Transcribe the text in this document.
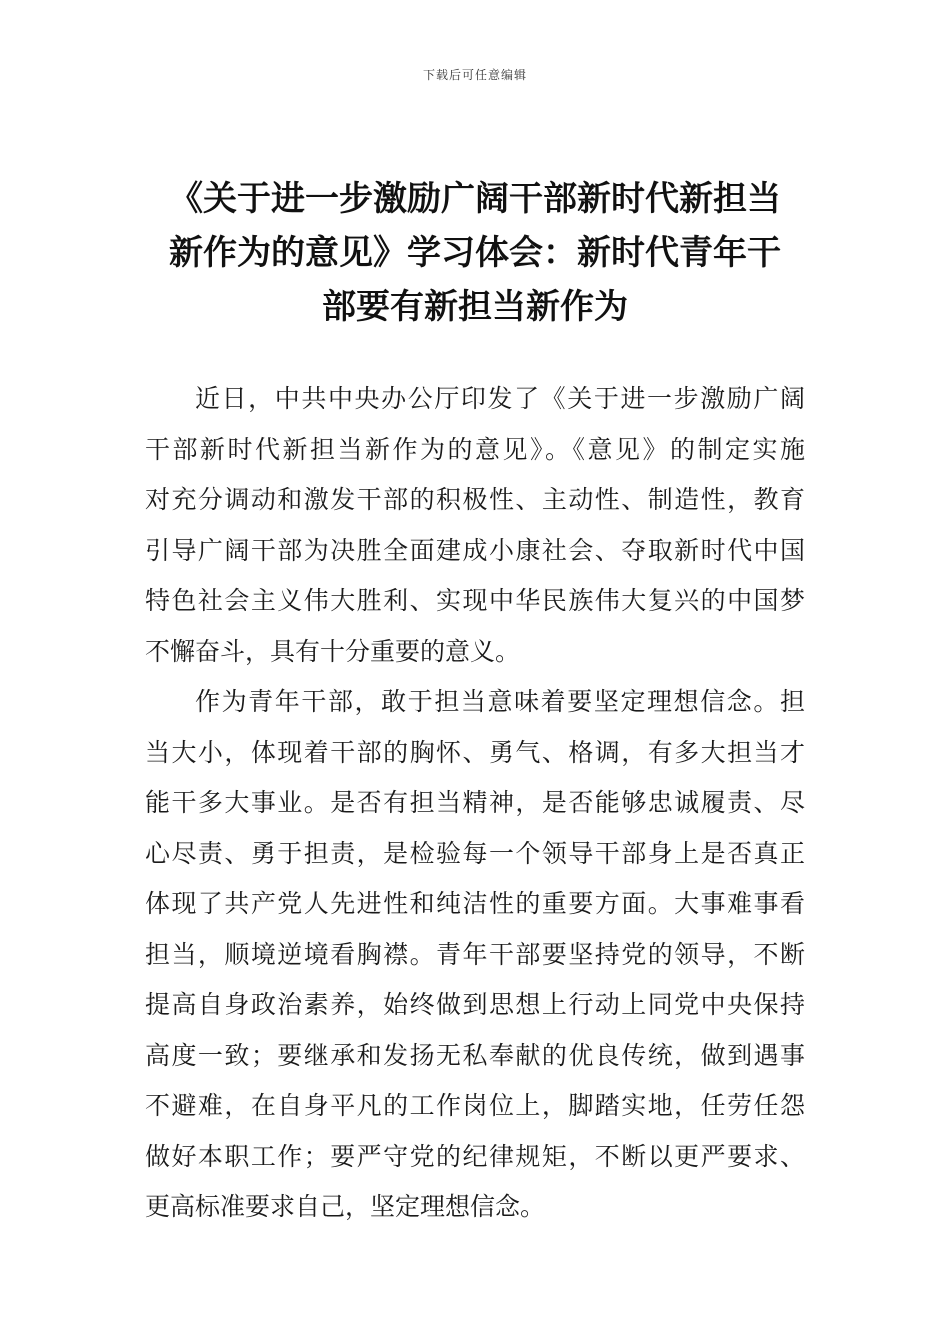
下载后可任意编辑
《关于进一步激励广阔干部新时代新担当
新作为的意见》学习体会：新时代青年干
部要有新担当新作为
近日，中共中央办公厅印发了《关于进一步激励广阔
干部新时代新担当新作为的意见》。《意见》的制定实施
对充分调动和激发干部的积极性、主动性、制造性，教育
引导广阔干部为决胜全面建成小康社会、夺取新时代中国
特色社会主义伟大胜利、实现中华民族伟大复兴的中国梦
不懈奋斗，具有十分重要的意义。
作为青年干部，敢于担当意味着要坚定理想信念。担
当大小，体现着干部的胸怀、勇气、格调，有多大担当才
能干多大事业。是否有担当精神，是否能够忠诚履责、尽
心尽责、勇于担责，是检验每一个领导干部身上是否真正
体现了共产党人先进性和纯洁性的重要方面。大事难事看
担当，顺境逆境看胸襟。青年干部要坚持党的领导，不断
提高自身政治素养，始终做到思想上行动上同党中央保持
高度一致；要继承和发扬无私奉献的优良传统，做到遇事
不避难，在自身平凡的工作岗位上，脚踏实地，任劳任怨
做好本职工作；要严守党的纪律规矩，不断以更严要求、
更高标准要求自己，坚定理想信念。
